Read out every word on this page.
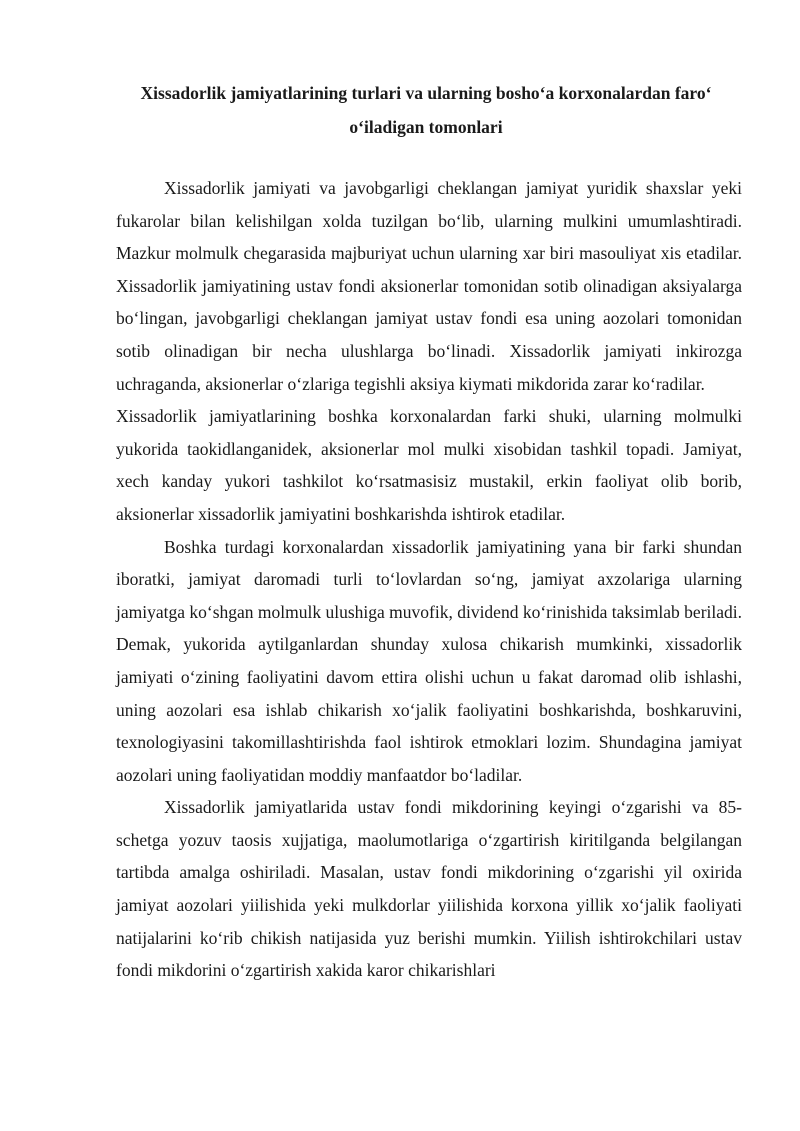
Xissadorlik jamiyatlarining turlari va ularning bosho‘a korxonalardan faro‘ o‘iladigan tomonlari

Xissadorlik jamiyati va javobgarligi cheklangan jamiyat yuridik shaxslar yeki fukarolar bilan kelishilgan xolda tuzilgan bo‘lib, ularning mulkini umumlashtiradi. Mazkur molmulk chegarasida majburiyat uchun ularning xar biri masouliyat xis etadilar. Xissadorlik jamiyatining ustav fondi aksionerlar tomonidan sotib olinadigan aksiyalarga bo‘lingan, javobgarligi cheklangan jamiyat ustav fondi esa uning aozolari tomonidan sotib olinadigan bir necha ulushlarga bo‘linadi. Xissadorlik jamiyati inkirozga uchraganda, aksionerlar o‘zlariga tegishli aksiya kiymati mikdorida zarar ko‘radilar.

Xissadorlik jamiyatlarining boshka korxonalardan farki shuki, ularning molmulki yukorida taokidlanganidek, aksionerlar mol mulki xisobidan tashkil topadi. Jamiyat, xech kanday yukori tashkilot ko‘rsatmasisiz mustakil, erkin faoliyat olib borib, aksionerlar xissadorlik jamiyatini boshkarishda ishtirok etadilar.

Boshka turdagi korxonalardan xissadorlik jamiyatining yana bir farki shundan iboratki, jamiyat daromadi turli to‘lovlardan so‘ng, jamiyat axzolariga ularning jamiyatga ko‘shgan molmulk ulushiga muvofik, dividend ko‘rinishida taksimlab beriladi.

Demak, yukorida aytilganlardan shunday xulosa chikarish mumkinki, xissadorlik jamiyati o‘zining faoliyatini davom ettira olishi uchun u fakat daromad olib ishlashi, uning aozolari esa ishlab chikarish xo‘jalik faoliyatini boshkarishda, boshkaruvini, texnologiyasini takomillashtirishda faol ishtirok etmoklari lozim. Shundagina jamiyat aozolari uning faoliyatidan moddiy manfaatdor bo‘ladilar.

Xissadorlik jamiyatlarida ustav fondi mikdorining keyingi o‘zgarishi va 85-schetga yozuv taosis xujjatiga, maolumotlariga o‘zgartirish kiritilganda belgilangan tartibda amalga oshiriladi. Masalan, ustav fondi mikdorining o‘zgarishi yil oxirida jamiyat aozolari yiilishida yeki mulkdorlar yiilishida korxona yillik xo‘jalik faoliyati natijalarini ko‘rib chikish natijasida yuz berishi mumkin. Yiilish ishtirokchilari ustav fondi mikdorini o‘zgartirish xakida karor chikarishlari
